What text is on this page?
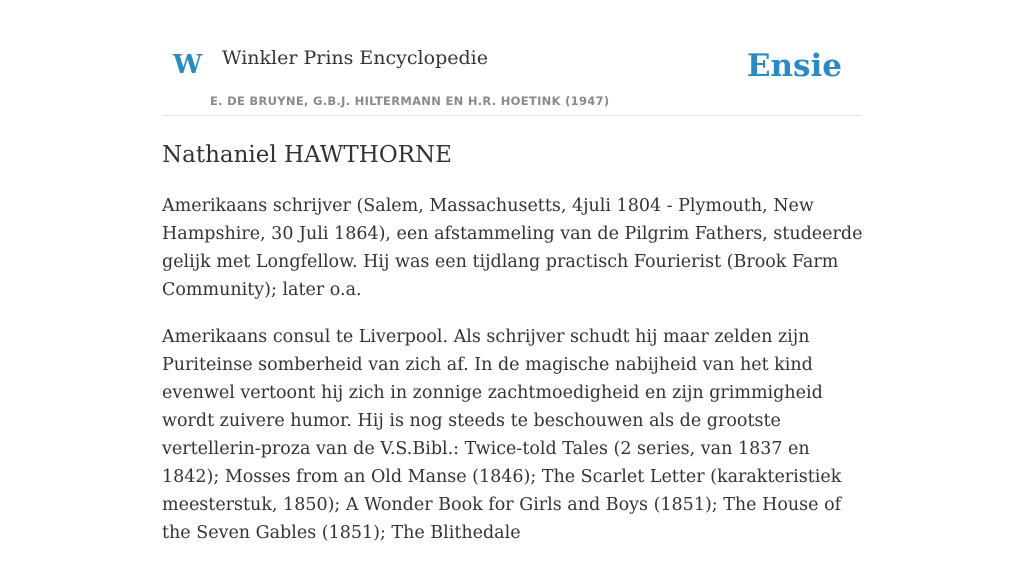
W Winkler Prins Encyclopedie
E. DE BRUYNE, G.B.J. HILTERMANN EN H.R. HOETINK (1947)
Ensie
Nathaniel HAWTHORNE

Amerikaans schrijver (Salem, Massachusetts, 4juli 1804 - Plymouth, New Hampshire, 30 Juli 1864), een afstammeling van de Pilgrim Fathers, studeerde gelijk met Longfellow. Hij was een tijdlang practisch Fourierist (Brook Farm Community); later o.a.

Amerikaans consul te Liverpool. Als schrijver schudt hij maar zelden zijn Puriteinse somberheid van zich af. In de magische nabijheid van het kind evenwel vertoont hij zich in zonnige zachtmoedigheid en zijn grimmigheid wordt zuivere humor. Hij is nog steeds te beschouwen als de grootste vertellerin-proza van de V.S.Bibl.: Twice-told Tales (2 series, van 1837 en 1842); Mosses from an Old Manse (1846); The Scarlet Letter (karakteristiek meesterstuk, 1850); A Wonder Book for Girls and Boys (1851); The House of the Seven Gables (1851); The Blithedale
